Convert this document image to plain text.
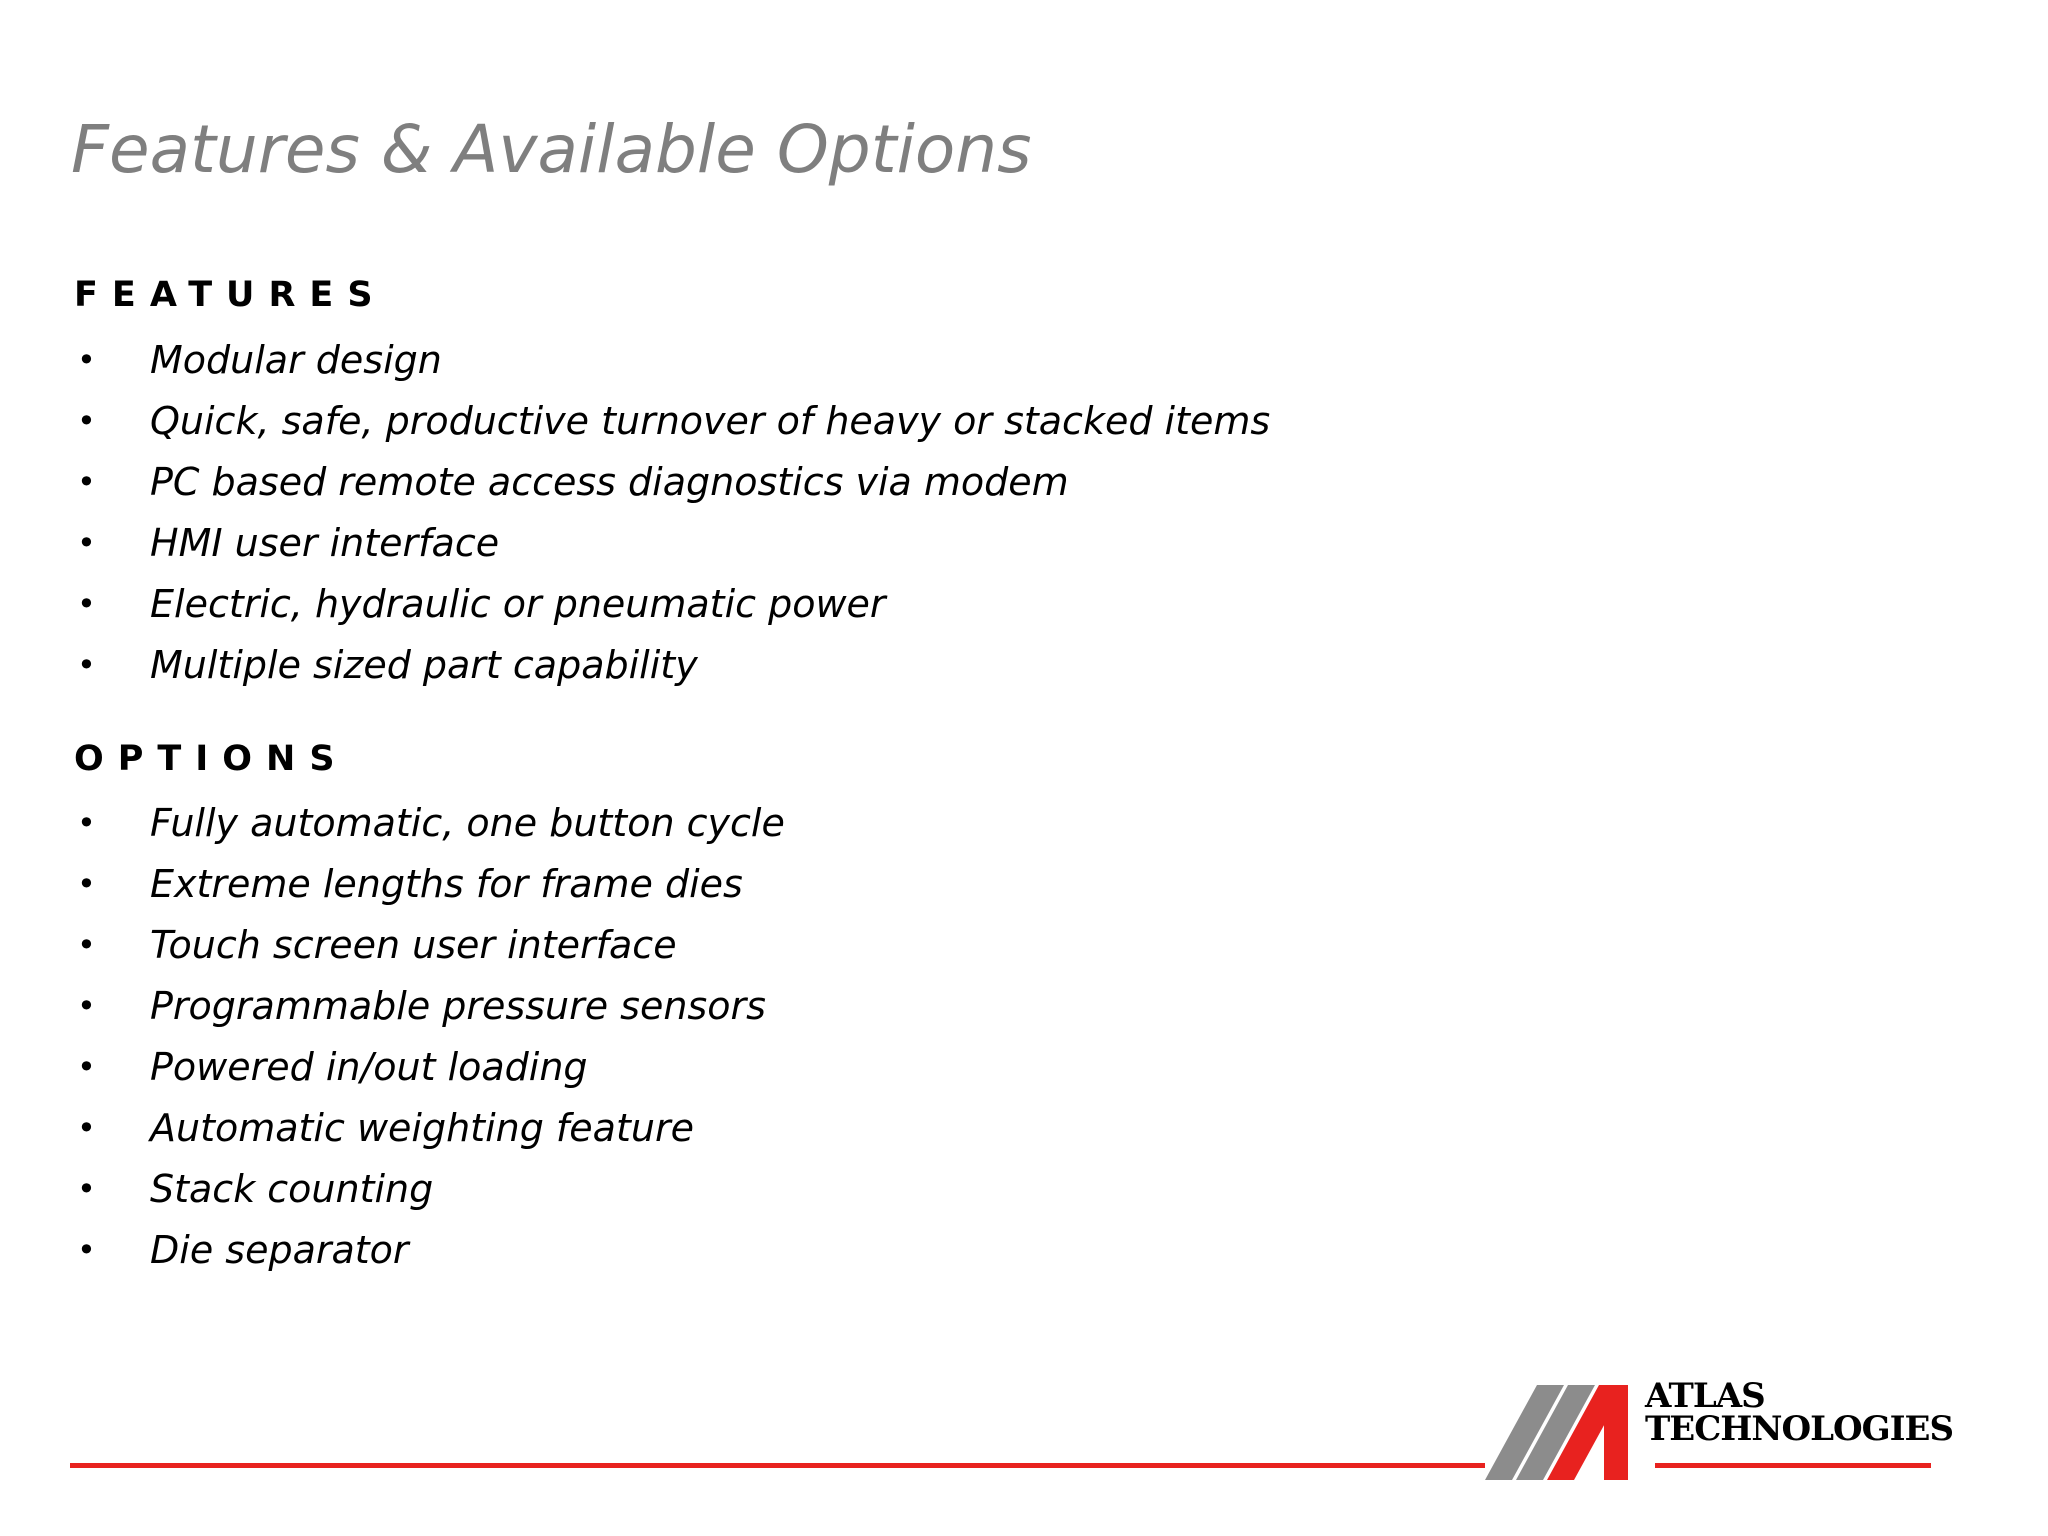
Features & Available Options
FEATURES
• Modular design
• Quick, safe, productive turnover of heavy or stacked items
• PC based remote access diagnostics via modem
• HMI user interface
• Electric, hydraulic or pneumatic power
• Multiple sized part capability
OPTIONS
• Fully automatic, one button cycle
• Extreme lengths for frame dies
• Touch screen user interface
• Programmable pressure sensors
• Powered in/out loading
• Automatic weighting feature
• Stack counting
• Die separator
ATLAS
TECHNOLOGIES
